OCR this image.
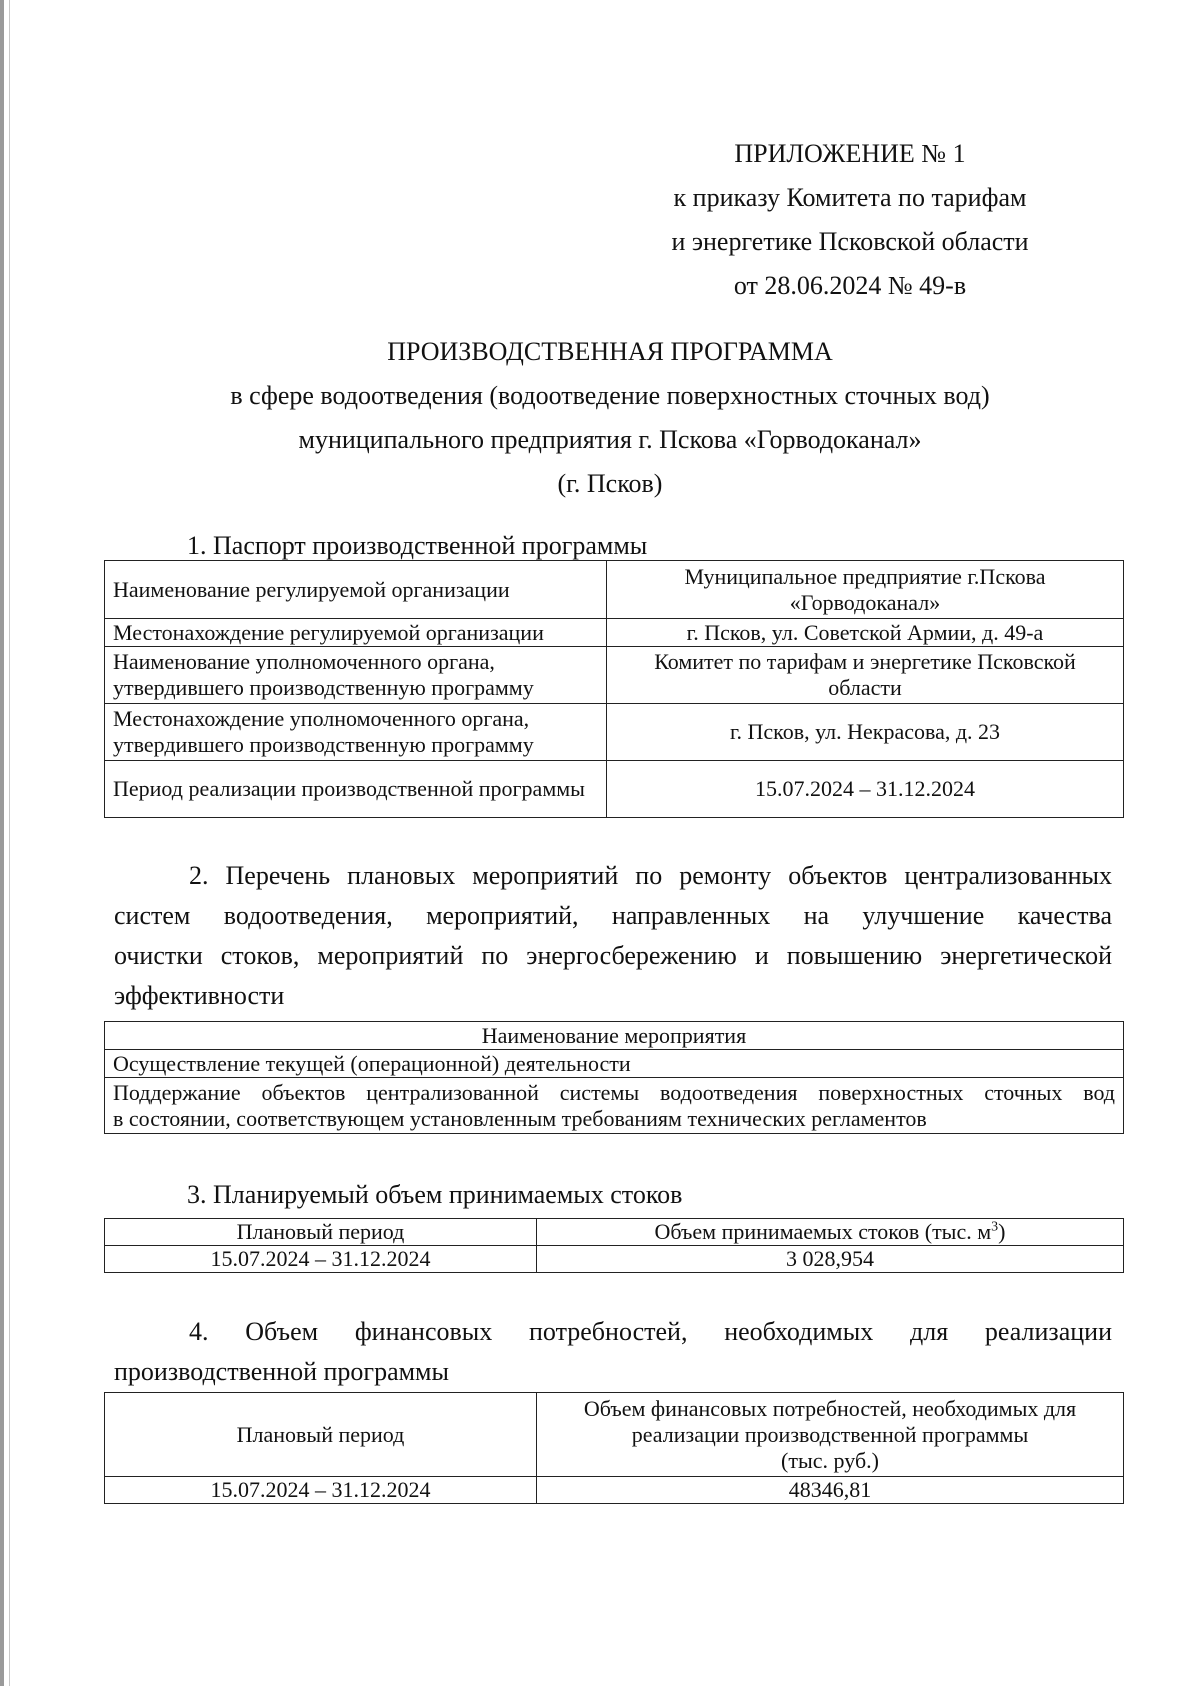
ПРИЛОЖЕНИЕ № 1
к приказу Комитета по тарифам
и энергетике Псковской области
от 28.06.2024 № 49-в
ПРОИЗВОДСТВЕННАЯ ПРОГРАММА
в сфере водоотведения (водоотведение поверхностных сточных вод)
муниципального предприятия г. Пскова «Горводоканал»
(г. Псков)
1. Паспорт производственной программы
Наименование регулируемой организации	Муниципальное предприятие г.Пскова «Горводоканал»
Местонахождение регулируемой организации	г. Псков, ул. Советской Армии, д. 49-а
Наименование уполномоченного органа, утвердившего производственную программу	Комитет по тарифам и энергетике Псковской области
Местонахождение уполномоченного органа, утвердившего производственную программу	г. Псков, ул. Некрасова, д. 23
Период реализации производственной программы	15.07.2024 – 31.12.2024
2. Перечень плановых мероприятий по ремонту объектов централизованных
систем водоотведения, мероприятий, направленных на улучшение качества
очистки стоков, мероприятий по энергосбережению и повышению энергетической
эффективности
Наименование мероприятия
Осуществление текущей (операционной) деятельности

Поддержание объектов централизованной системы водоотведения поверхностных сточных вод
в состоянии, соответствующем установленным требованиям технических регламентов
3. Планируемый объем принимаемых стоков
Плановый период	Объем принимаемых стоков (тыс. $м^3$)
15.07.2024 – 31.12.2024	3 028,954
4. Объем финансовых потребностей, необходимых для реализации
производственной программы
Плановый период	Объем финансовых потребностей, необходимых для
реализации производственной программы
(тыс. руб.)

15.07.2024 – 31.12.2024	48346,81
